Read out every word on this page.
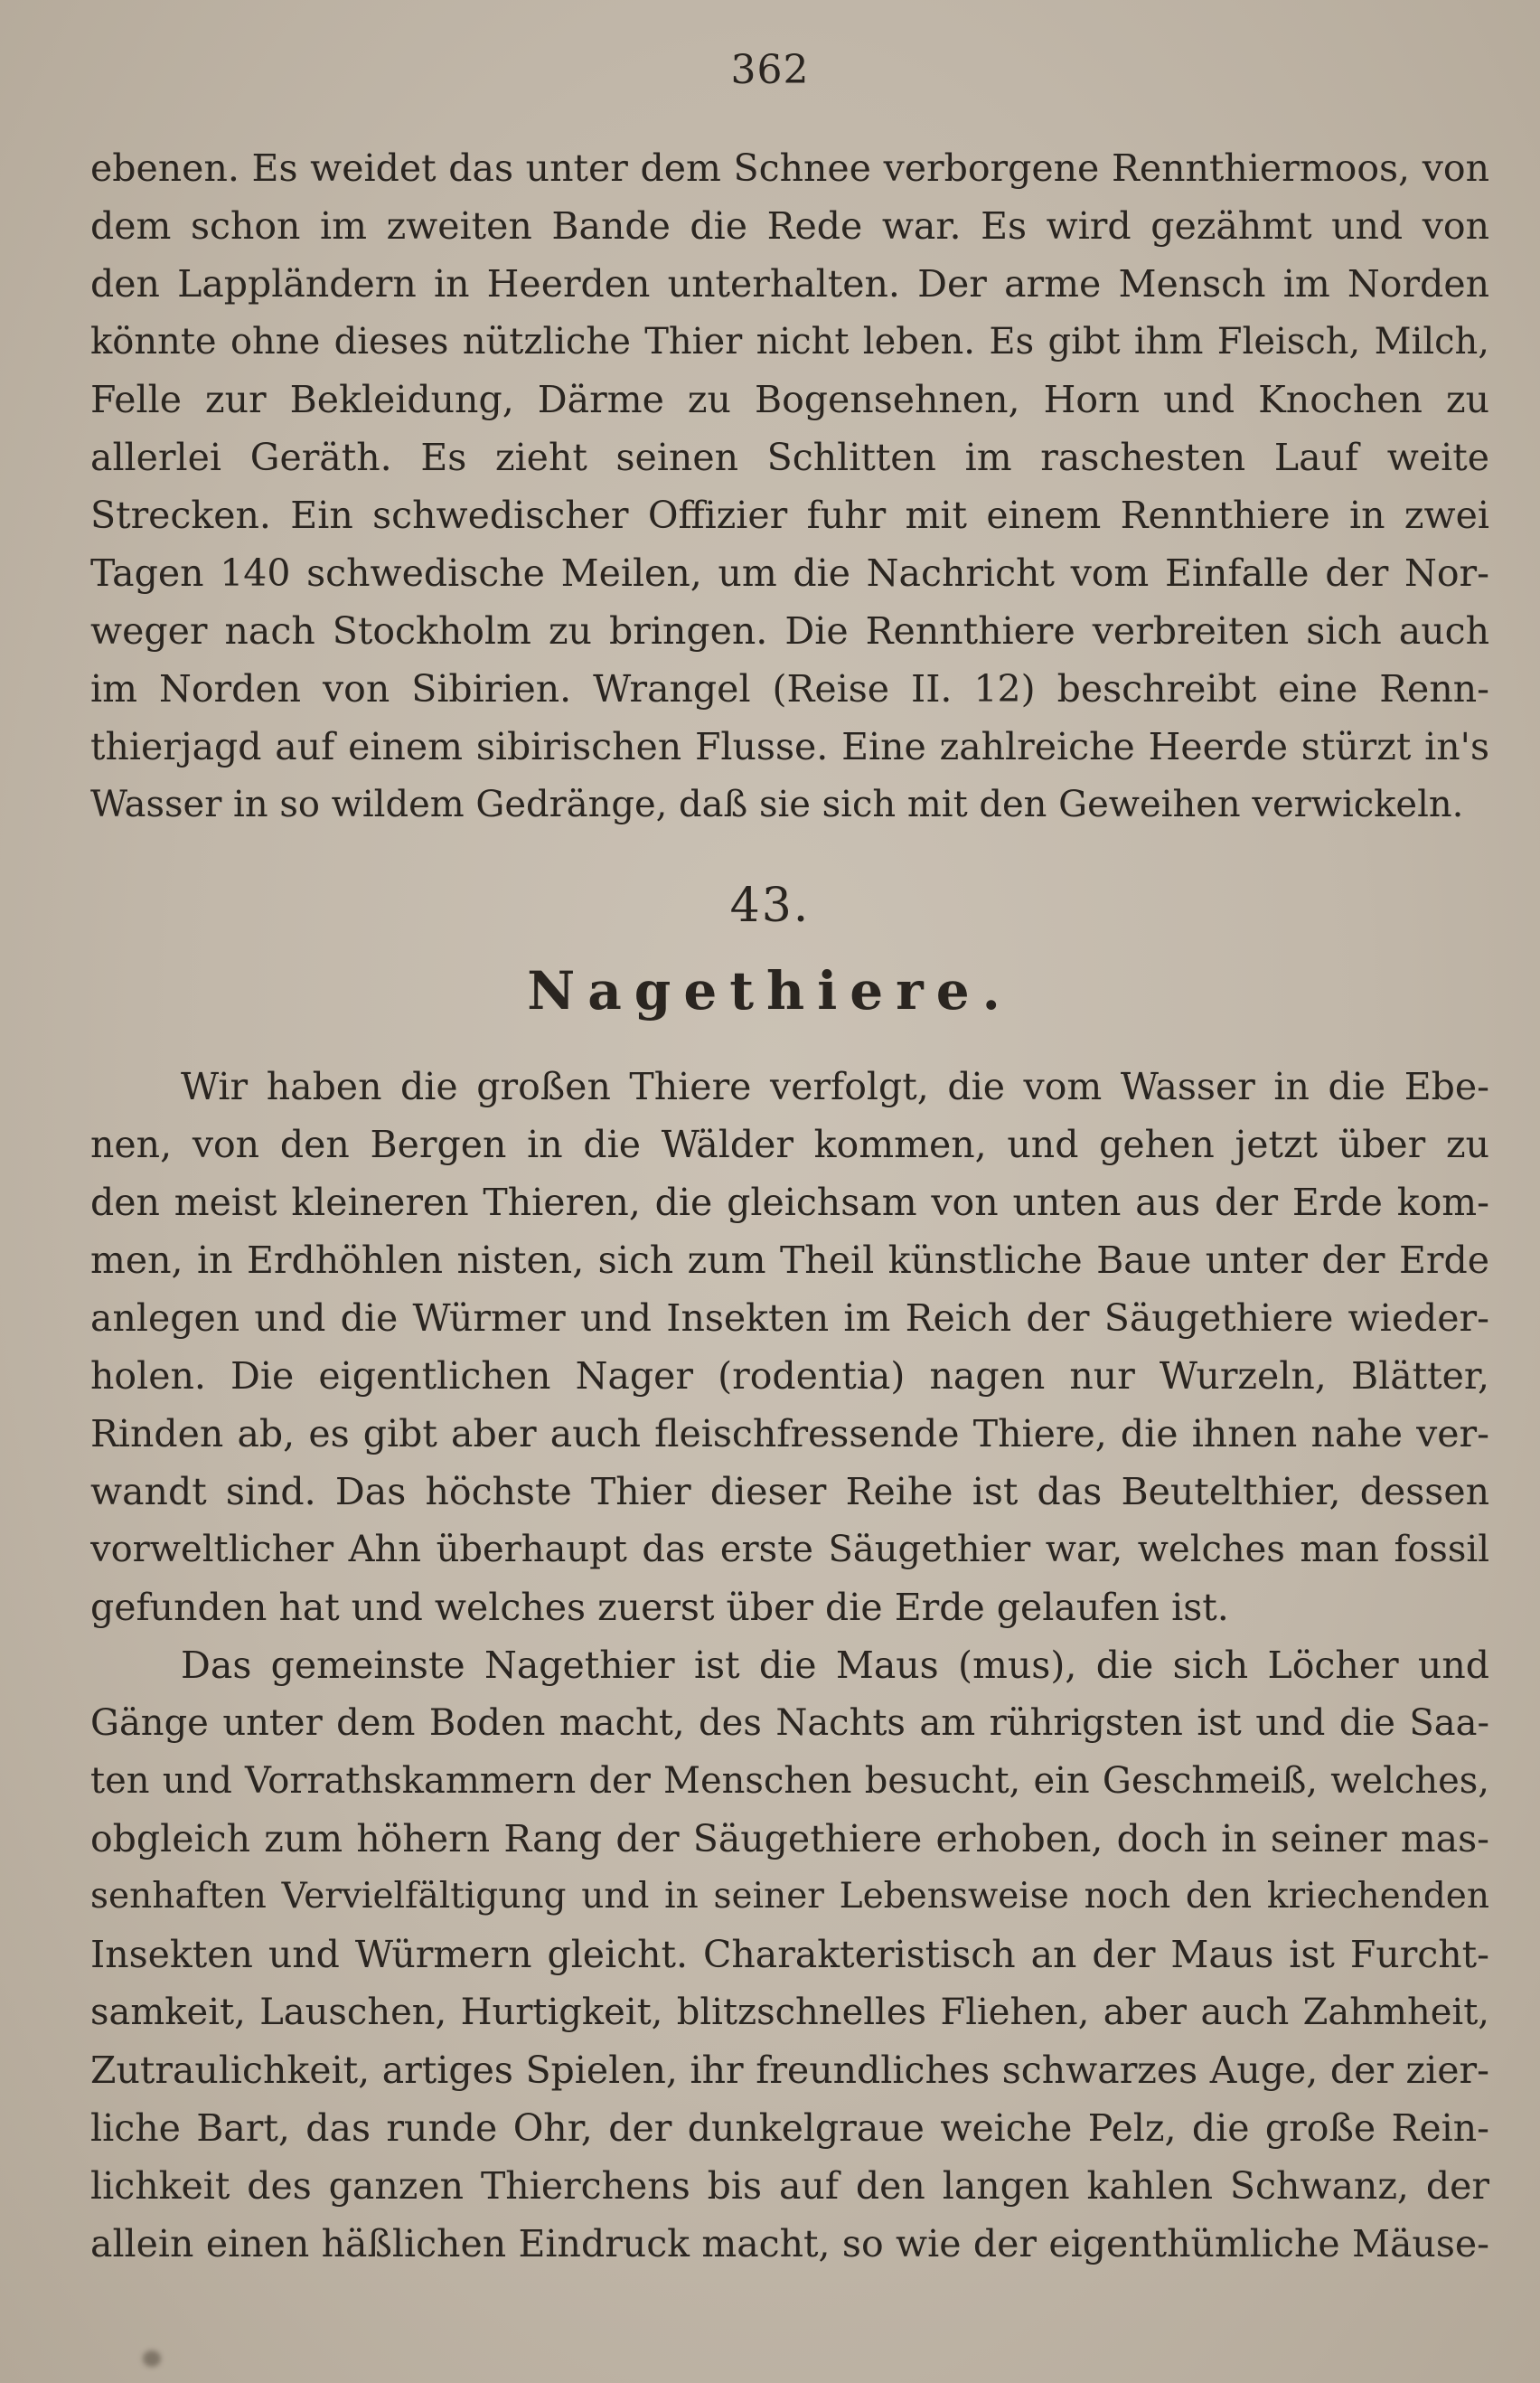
362
ebenen. Es weidet das unter dem Schnee verborgene Rennthiermoos, von
dem schon im zweiten Bande die Rede war. Es wird gezähmt und von
den Lappländern in Heerden unterhalten. Der arme Mensch im Norden
könnte ohne dieses nützliche Thier nicht leben. Es gibt ihm Fleisch, Milch,
Felle zur Bekleidung, Därme zu Bogensehnen, Horn und Knochen zu
allerlei Geräth. Es zieht seinen Schlitten im raschesten Lauf weite
Strecken. Ein schwedischer Offizier fuhr mit einem Rennthiere in zwei
Tagen 140 schwedische Meilen, um die Nachricht vom Einfalle der Nor-
weger nach Stockholm zu bringen. Die Rennthiere verbreiten sich auch
im Norden von Sibirien. Wrangel (Reise II. 12) beschreibt eine Renn-
thierjagd auf einem sibirischen Flusse. Eine zahlreiche Heerde stürzt in's
Wasser in so wildem Gedränge, daß sie sich mit den Geweihen verwickeln.
43.
Nagethiere.
Wir haben die großen Thiere verfolgt, die vom Wasser in die Ebe-
nen, von den Bergen in die Wälder kommen, und gehen jetzt über zu
den meist kleineren Thieren, die gleichsam von unten aus der Erde kom-
men, in Erdhöhlen nisten, sich zum Theil künstliche Baue unter der Erde
anlegen und die Würmer und Insekten im Reich der Säugethiere wieder-
holen. Die eigentlichen Nager (rodentia) nagen nur Wurzeln, Blätter,
Rinden ab, es gibt aber auch fleischfressende Thiere, die ihnen nahe ver-
wandt sind. Das höchste Thier dieser Reihe ist das Beutelthier, dessen
vorweltlicher Ahn überhaupt das erste Säugethier war, welches man fossil
gefunden hat und welches zuerst über die Erde gelaufen ist.
Das gemeinste Nagethier ist die Maus (mus), die sich Löcher und
Gänge unter dem Boden macht, des Nachts am rührigsten ist und die Saa-
ten und Vorrathskammern der Menschen besucht, ein Geschmeiß, welches,
obgleich zum höhern Rang der Säugethiere erhoben, doch in seiner mas-
senhaften Vervielfältigung und in seiner Lebensweise noch den kriechenden
Insekten und Würmern gleicht. Charakteristisch an der Maus ist Furcht-
samkeit, Lauschen, Hurtigkeit, blitzschnelles Fliehen, aber auch Zahmheit,
Zutraulichkeit, artiges Spielen, ihr freundliches schwarzes Auge, der zier-
liche Bart, das runde Ohr, der dunkelgraue weiche Pelz, die große Rein-
lichkeit des ganzen Thierchens bis auf den langen kahlen Schwanz, der
allein einen häßlichen Eindruck macht, so wie der eigenthümliche Mäuse-
